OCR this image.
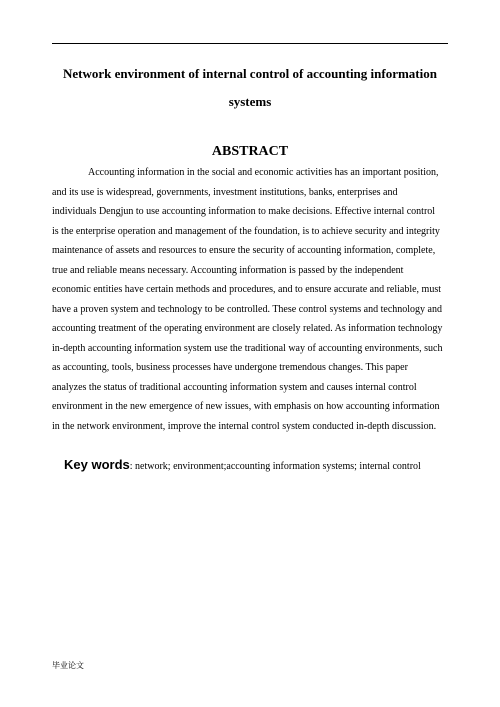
Network environment of internal control of accounting information
systems
ABSTRACT
Accounting information in the social and economic activities has an important position,
and its use is widespread, governments, investment institutions, banks, enterprises and
individuals Dengjun to use accounting information to make decisions. Effective internal control
is the enterprise operation and management of the foundation, is to achieve security and integrity
maintenance of assets and resources to ensure the security of accounting information, complete,
true and reliable means necessary. Accounting information is passed by the independent
economic entities have certain methods and procedures, and to ensure accurate and reliable, must
have a proven system and technology to be controlled. These control systems and technology and
accounting treatment of the operating environment are closely related. As information technology
in-depth accounting information system use the traditional way of accounting environments, such
as accounting, tools, business processes have undergone tremendous changes. This paper
analyzes the status of traditional accounting information system and causes internal control
environment in the new emergence of new issues, with emphasis on how accounting information
in the network environment, improve the internal control system conducted in-depth discussion.

Key words: network; environment;accounting information systems; internal control

毕业论文
